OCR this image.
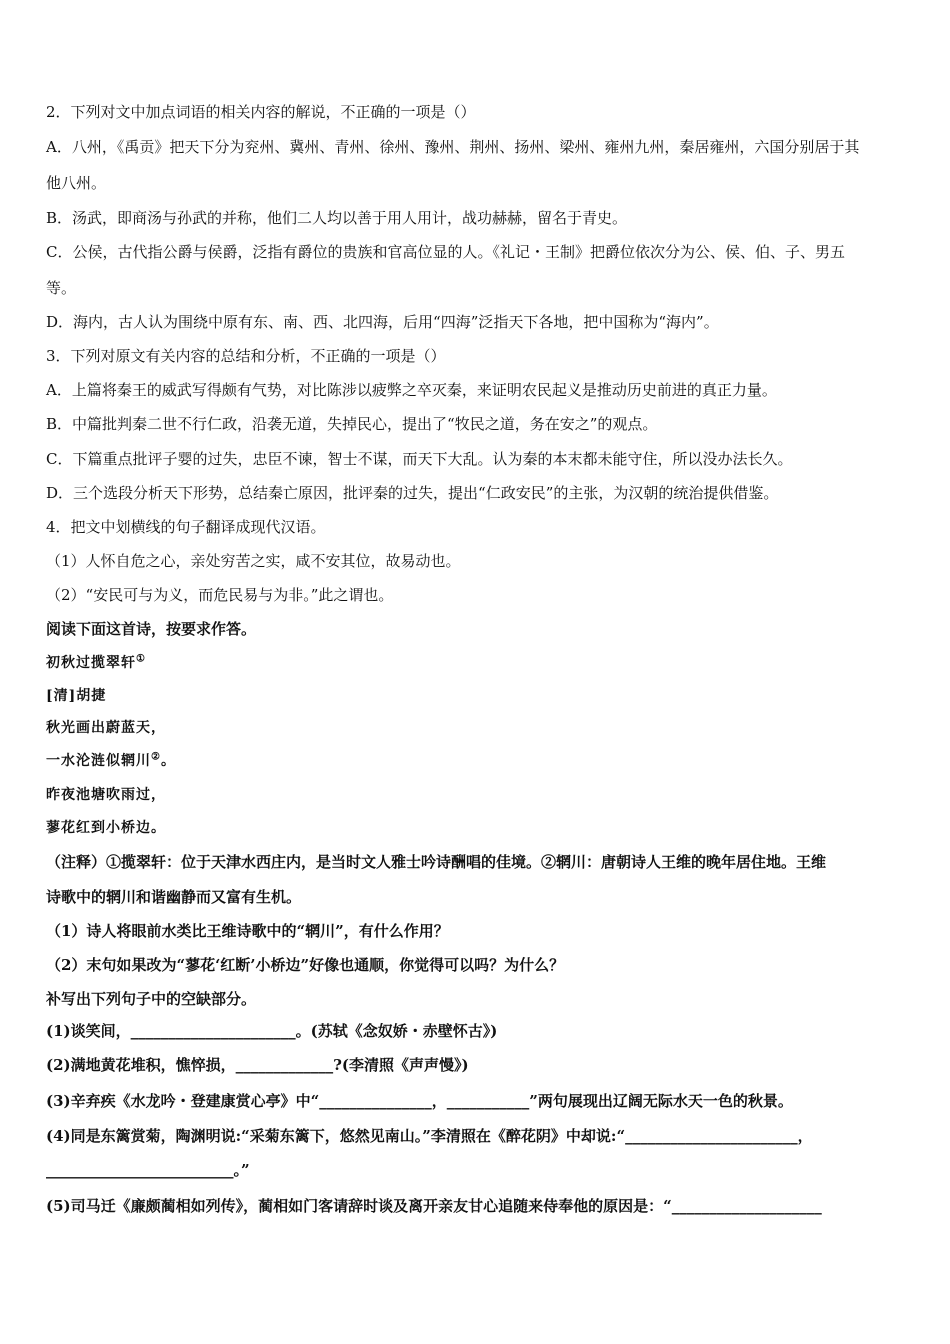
2．下列对文中加点词语的相关内容的解说，不正确的一项是（）
A．八州，《禹贡》把天下分为兖州、冀州、青州、徐州、豫州、荆州、扬州、梁州、雍州九州，秦居雍州，六国分别居于其
他八州。
B．汤武，即商汤与孙武的并称，他们二人均以善于用人用计，战功赫赫，留名于青史。
C．公侯，古代指公爵与侯爵，泛指有爵位的贵族和官高位显的人。《礼记・王制》把爵位依次分为公、侯、伯、子、男五
等。
D．海内，古人认为围绕中原有东、南、西、北四海，后用“四海”泛指天下各地，把中国称为“海内”。
3．下列对原文有关内容的总结和分析，不正确的一项是（）
A．上篇将秦王的威武写得颇有气势，对比陈涉以疲弊之卒灭秦，来证明农民起义是推动历史前进的真正力量。
B．中篇批判秦二世不行仁政，沿袭无道，失掉民心，提出了“牧民之道，务在安之”的观点。
C．下篇重点批评子婴的过失，忠臣不谏，智士不谋，而天下大乱。认为秦的本末都未能守住，所以没办法长久。
D．三个选段分析天下形势，总结秦亡原因，批评秦的过失，提出“仁政安民”的主张，为汉朝的统治提供借鉴。
4．把文中划横线的句子翻译成现代汉语。
（1）人怀自危之心，亲处穷苦之实，咸不安其位，故易动也。
（2）“安民可与为义，而危民易与为非。”此之谓也。
阅读下面这首诗，按要求作答。
初秋过揽翠轩①
[清]胡捷
秋光画出蔚蓝天，
一水沦涟似辋川②。
昨夜池塘吹雨过，
蓼花红到小桥边。
（注释）①揽翠轩：位于天津水西庄内，是当时文人雅士吟诗酬唱的佳境。②辋川：唐朝诗人王维的晚年居住地。王维
诗歌中的辋川和谐幽静而又富有生机。
（1）诗人将眼前水类比王维诗歌中的“辋川”，有什么作用？
（2）末句如果改为“蓼花‘红断’小桥边”好像也通顺，你觉得可以吗？为什么？
补写出下列句子中的空缺部分。
(1)谈笑间，______________________。(苏轼《念奴娇・赤壁怀古》)
(2)满地黄花堆积，憔悴损，_____________?(李清照《声声慢》)
(3)辛弃疾《水龙吟・登建康赏心亭》中“_______________，___________”两句展现出辽阔无际水天一色的秋景。
(4)同是东篱赏菊，陶渊明说:“采菊东篱下，悠然见南山。”李清照在《醉花阴》中却说:“_______________________，
_________________________。”
(5)司马迁《廉颇蔺相如列传》，蔺相如门客请辞时谈及离开亲友甘心追随来侍奉他的原因是：“____________________
